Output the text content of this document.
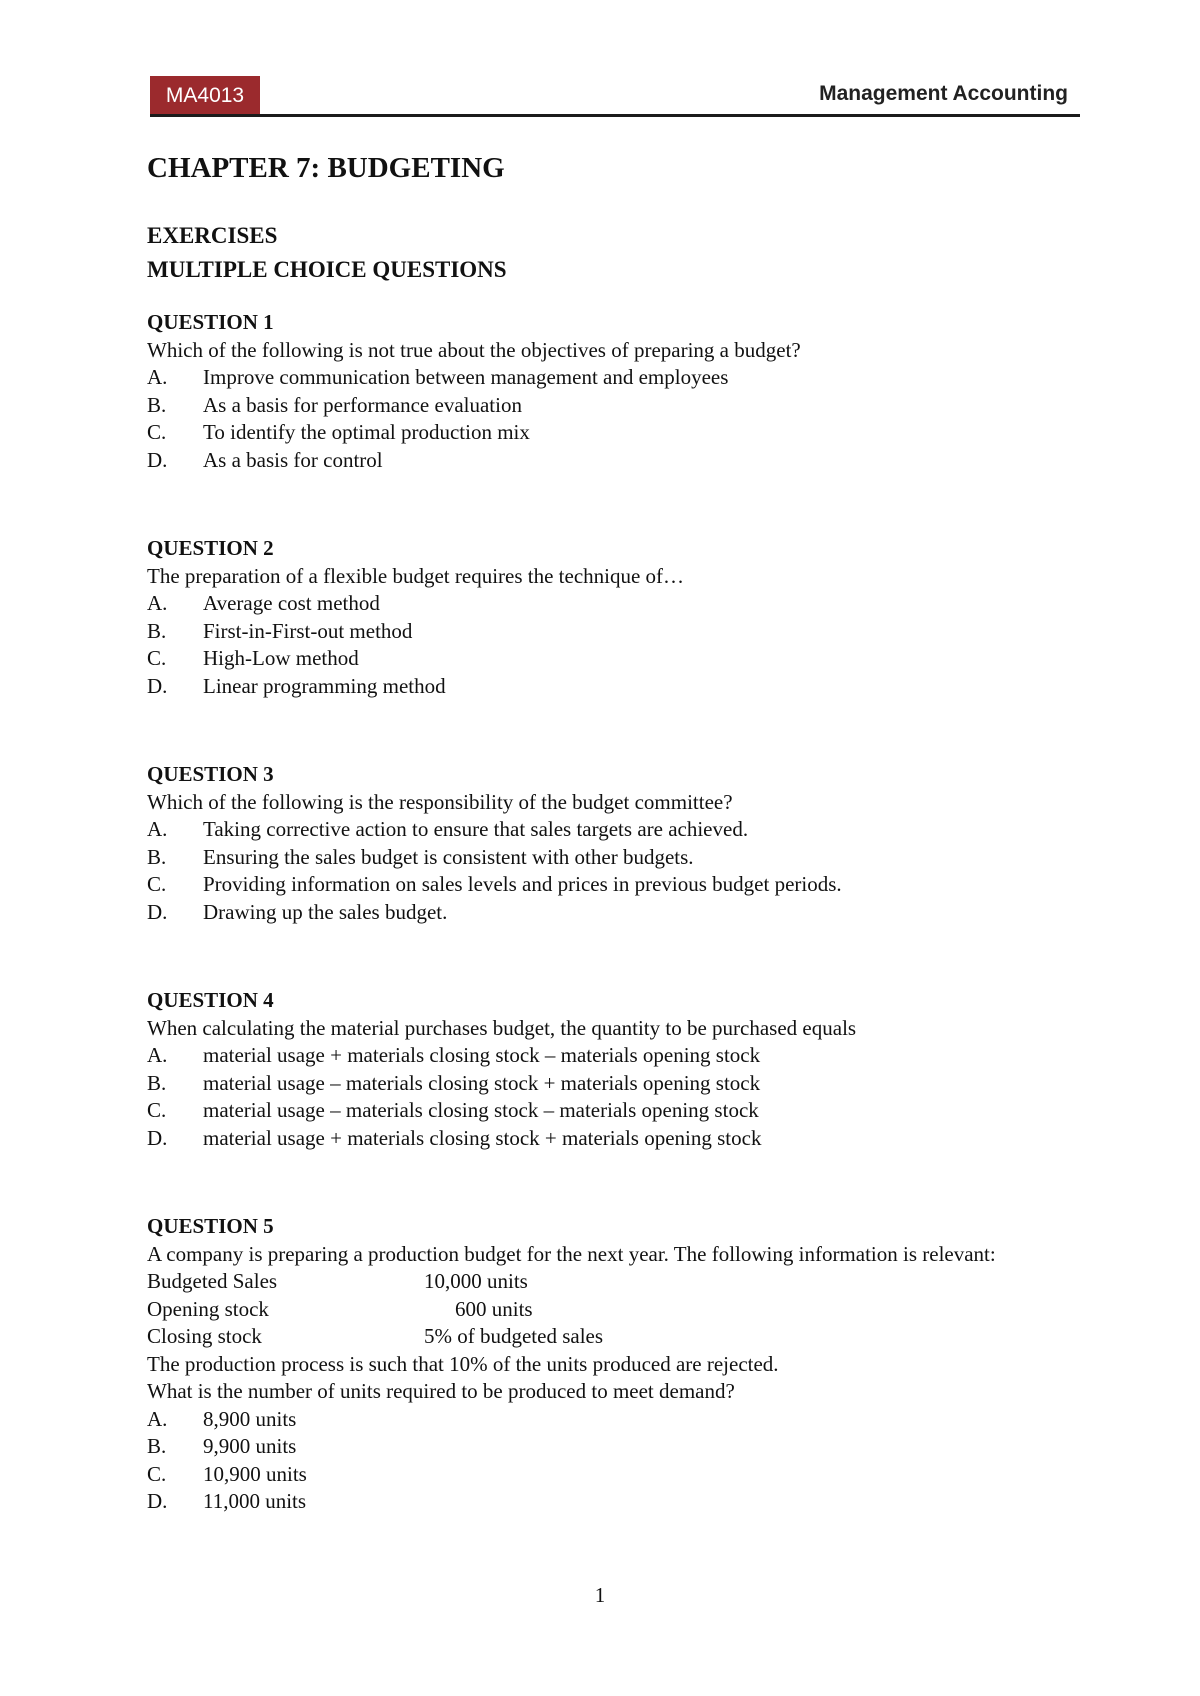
MA4013	Management Accounting
CHAPTER 7: BUDGETING
EXERCISES
MULTIPLE CHOICE QUESTIONS
QUESTION 1

Which of the following is not true about the objectives of preparing a budget?

A.	Improve communication between management and employees
B.	As a basis for performance evaluation
C.	To identify the optimal production mix
D.	As a basis for control
QUESTION 2

The preparation of a flexible budget requires the technique of…

A.	Average cost method
B.	First-in-First-out method
C.	High-Low method
D.	Linear programming method
QUESTION 3

Which of the following is the responsibility of the budget committee?

A.	Taking corrective action to ensure that sales targets are achieved.
B.	Ensuring the sales budget is consistent with other budgets.
C.	Providing information on sales levels and prices in previous budget periods.
D.	Drawing up the sales budget.
QUESTION 4

When calculating the material purchases budget, the quantity to be purchased equals

A.	material usage + materials closing stock – materials opening stock
B.	material usage – materials closing stock + materials opening stock
C.	material usage – materials closing stock – materials opening stock
D.	material usage + materials closing stock + materials opening stock
QUESTION 5

A company is preparing a production budget for the next year. The following information is relevant:

Budgeted Sales	10,000 units
Opening stock	600 units
Closing stock	5% of budgeted sales

The production process is such that 10% of the units produced are rejected.

What is the number of units required to be produced to meet demand?

A.	8,900 units
B.	9,900 units
C.	10,900 units
D.	11,000 units
1
